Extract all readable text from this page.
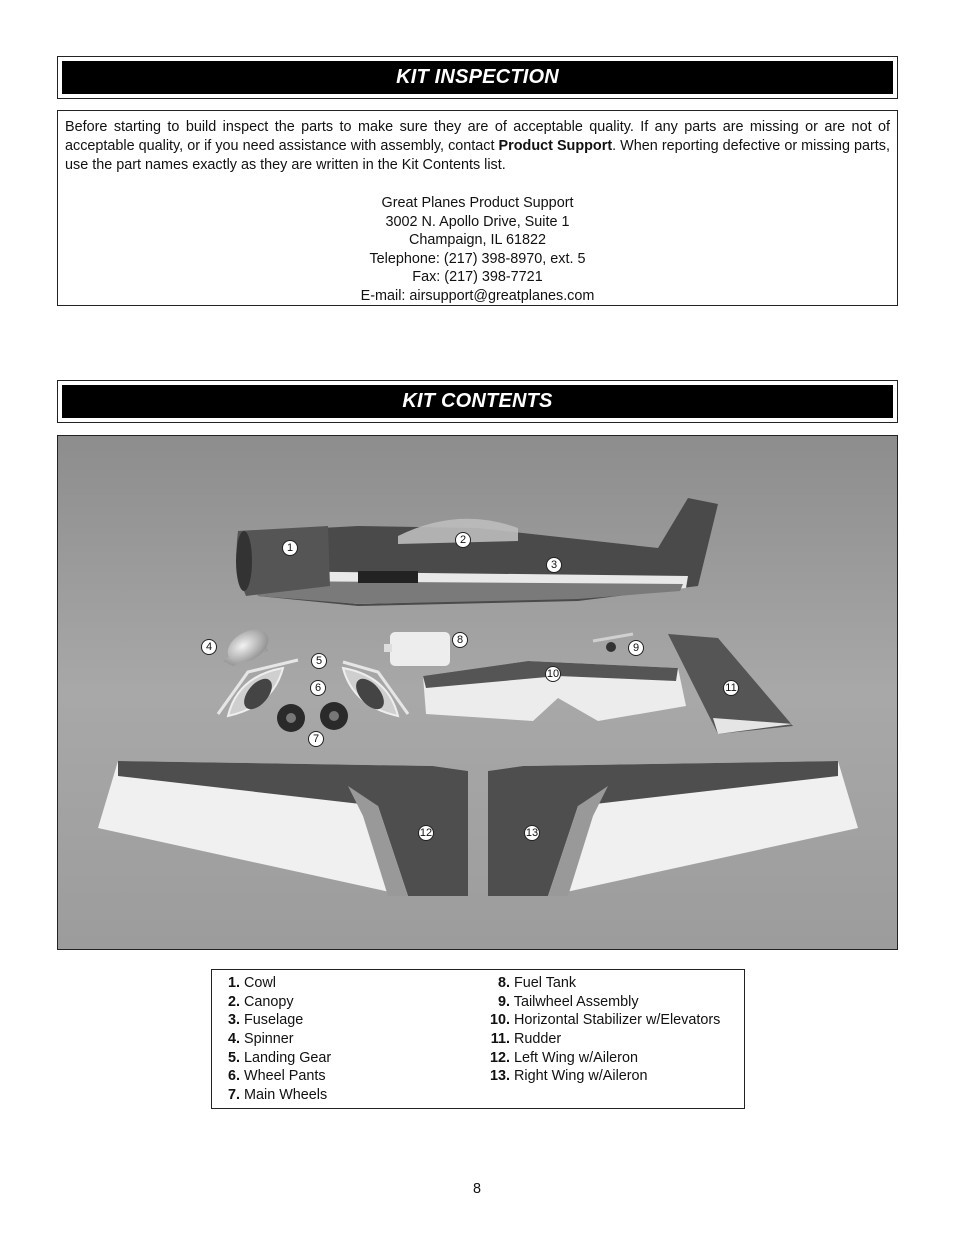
KIT INSPECTION

Before starting to build inspect the parts to make sure they are of acceptable quality. If any parts are missing or are not of acceptable quality, or if you need assistance with assembly, contact Product Support. When reporting defective or missing parts, use the part names exactly as they are written in the Kit Contents list.

Great Planes Product Support
3002 N. Apollo Drive, Suite 1
Champaign, IL 61822
Telephone: (217) 398-8970, ext. 5
Fax: (217) 398-7721
E-mail: airsupport@greatplanes.com
KIT CONTENTS
1
2
3
4
5
6
7
8
9
10
11
12	13
1. Cowl
2. Canopy
3. Fuselage
4. Spinner
5. Landing Gear
6. Wheel Pants
7. Main Wheels
8. Fuel Tank
9. Tailwheel Assembly
10. Horizontal Stabilizer w/Elevators
11. Rudder
12. Left Wing w/Aileron
13. Right Wing w/Aileron
8
